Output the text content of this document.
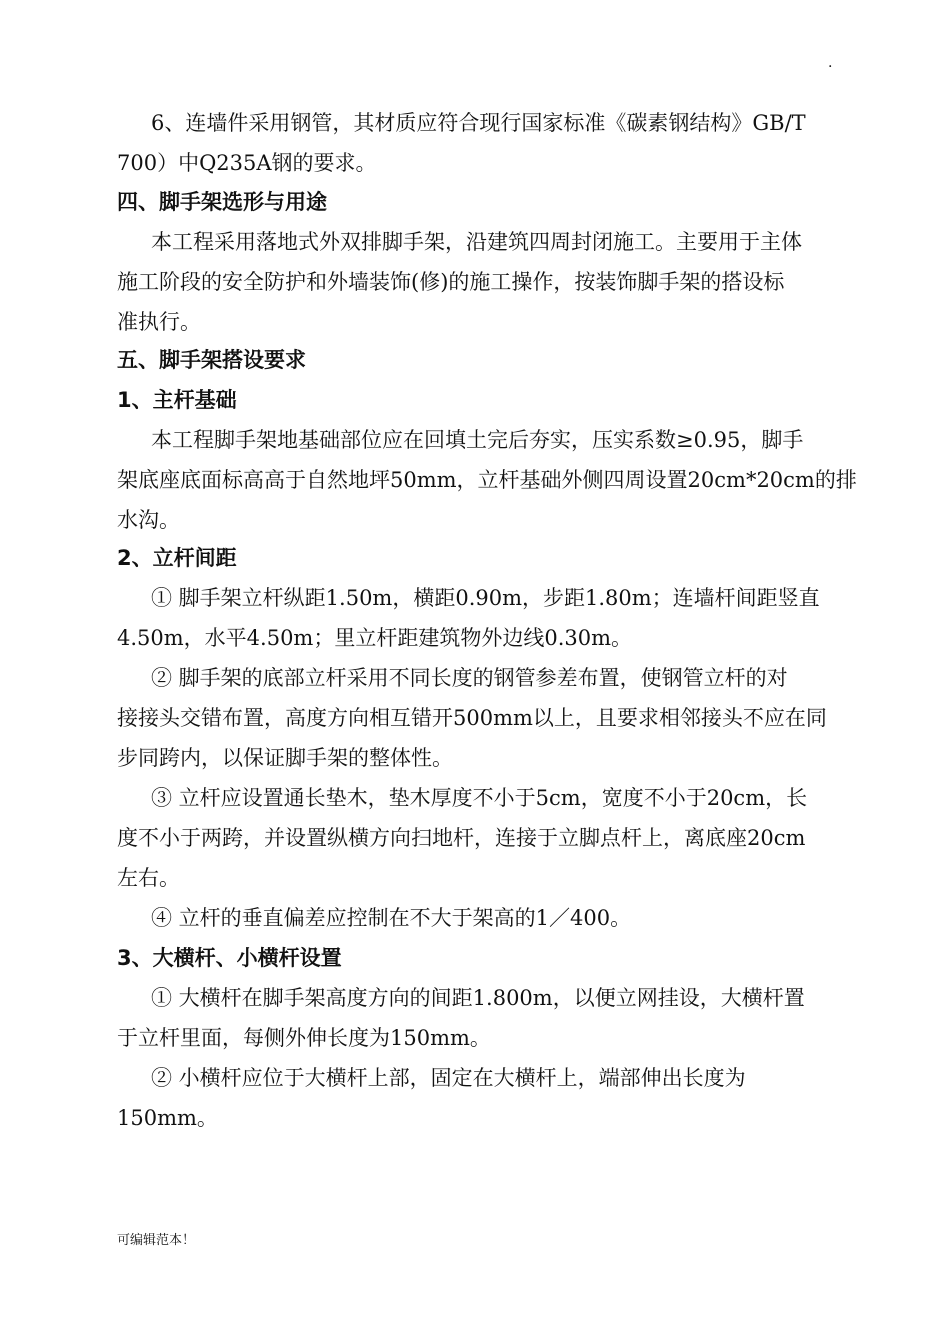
.
6、连墙件采用钢管，其材质应符合现行国家标准《碳素钢结构》GB/T
700）中Q235A钢的要求。
四、脚手架选形与用途
本工程采用落地式外双排脚手架，沿建筑四周封闭施工。主要用于主体
施工阶段的安全防护和外墙装饰(修)的施工操作，按装饰脚手架的搭设标
准执行。
五、脚手架搭设要求
1、主杆基础
本工程脚手架地基础部位应在回填土完后夯实，压实系数≥0.95，脚手
架底座底面标高高于自然地坪50mm，立杆基础外侧四周设置20cm*20cm的排
水沟。
2、立杆间距
① 脚手架立杆纵距1.50m，横距0.90m，步距1.80m；连墙杆间距竖直
4.50m，水平4.50m；里立杆距建筑物外边线0.30m。
② 脚手架的底部立杆采用不同长度的钢管参差布置，使钢管立杆的对
接接头交错布置，高度方向相互错开500mm以上，且要求相邻接头不应在同
步同跨内，以保证脚手架的整体性。
③ 立杆应设置通长垫木，垫木厚度不小于5cm，宽度不小于20cm，长
度不小于两跨，并设置纵横方向扫地杆，连接于立脚点杆上，离底座20cm
左右。
④ 立杆的垂直偏差应控制在不大于架高的1／400。
3、大横杆、小横杆设置
① 大横杆在脚手架高度方向的间距1.800m，以便立网挂设，大横杆置
于立杆里面，每侧外伸长度为150mm。
② 小横杆应位于大横杆上部，固定在大横杆上，端部伸出长度为
150mm。
可编辑范本！
